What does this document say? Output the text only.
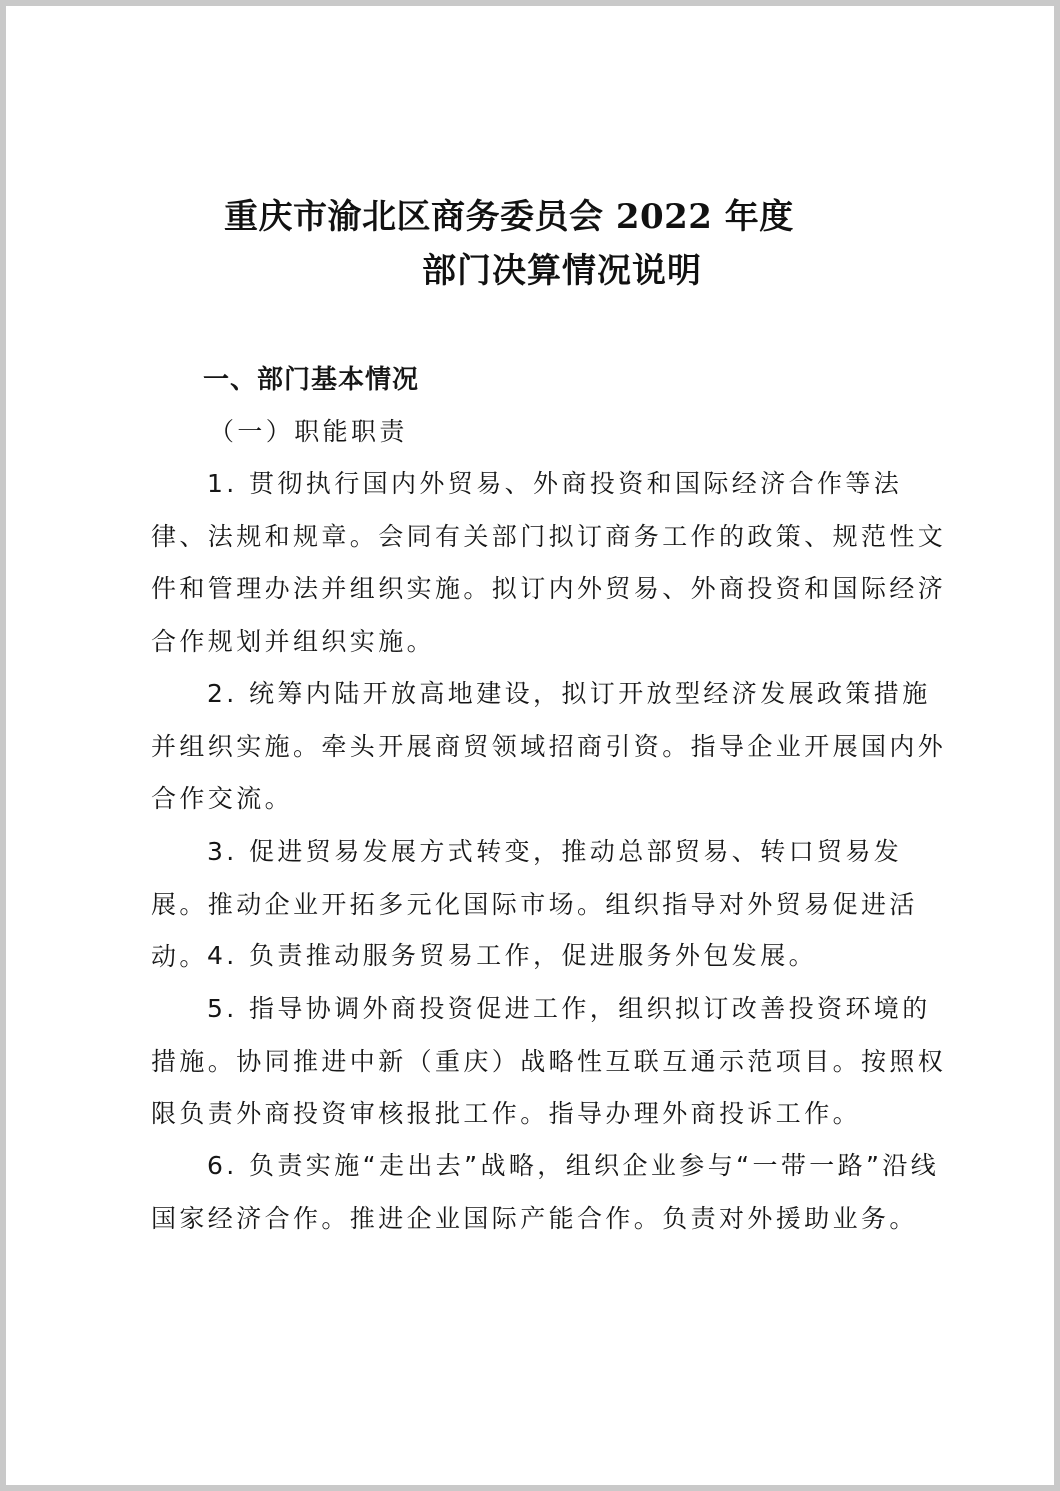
重庆市渝北区商务委员会 2022 年度
部门决算情况说明
一、部门基本情况
（一）职能职责

1. 贯彻执行国内外贸易、外商投资和国际经济合作等法律、法规和规章。会同有关部门拟订商务工作的政策、规范性文件和管理办法并组织实施。拟订内外贸易、外商投资和国际经济合作规划并组织实施。

2. 统筹内陆开放高地建设，拟订开放型经济发展政策措施并组织实施。牵头开展商贸领域招商引资。指导企业开展国内外合作交流。

3. 促进贸易发展方式转变，推动总部贸易、转口贸易发展。推动企业开拓多元化国际市场。组织指导对外贸易促进活动。 4. 负责推动服务贸易工作，促进服务外包发展。

5. 指导协调外商投资促进工作，组织拟订改善投资环境的措施。协同推进中新（重庆）战略性互联互通示范项目。按照权限负责外商投资审核报批工作。指导办理外商投诉工作。

6. 负责实施“走出去”战略，组织企业参与“一带一路”沿线国家经济合作。推进企业国际产能合作。负责对外援助业务。
